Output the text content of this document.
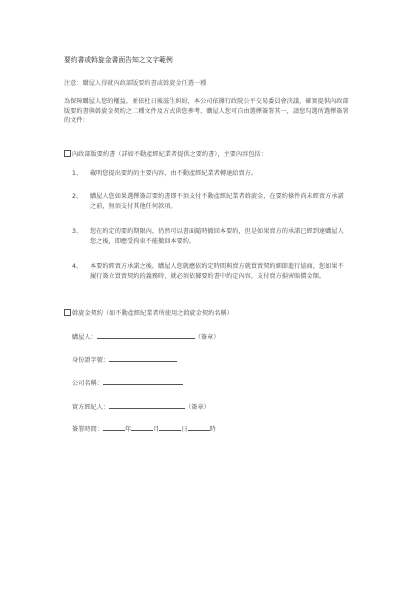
要約書或斡旋金書面告知之文字範例
注意：購屋人得就內政部版要約書或斡旋金任選一種
為保障購屋人您的權益，並依杜日後滋生糾紛，本公司依據行政院公平交易委員會決議，確實提供內政部版要約書與斡旋金契約之二種文件及方式供您參考，購屋人您可自由選擇簽署其一，請您勾選所選擇簽署的文件：
內政部版要約書（詳如不動產經紀業者提供之要約書），主要內容包括：
1、 載明您提出要約的主要內容，由不動產經紀業者轉達給賣方。
2、 購屋人您如果選擇簽訂要約書即不須支付不動產經紀業者斡旋金，在要約條件尚未經賣方承諾之前，無須支付其他任何款項。
3、 您在約定的要約期限內，仍然可以書面隨時撤回本要約，但是如果賣方的承諾已經到達購屋人您之後，即應受拘束不能撤回本要約。
4、 本要約經賣方承諾之後，購屋人您就應依約定時間與賣方就買賣契約細節進行協商，您如果不履行簽立買賣契約的義務時，就必須依據要約書中約定內容，支付賣方損害賠償金額。
斡旋金契約（如不動產經紀業者所使用之斡旋金契約名稱）
購屋人：	（簽章）
身份證字號：
公司名稱：
實方經紀人：	（簽章）
簽署時間：	年	月	日	時
